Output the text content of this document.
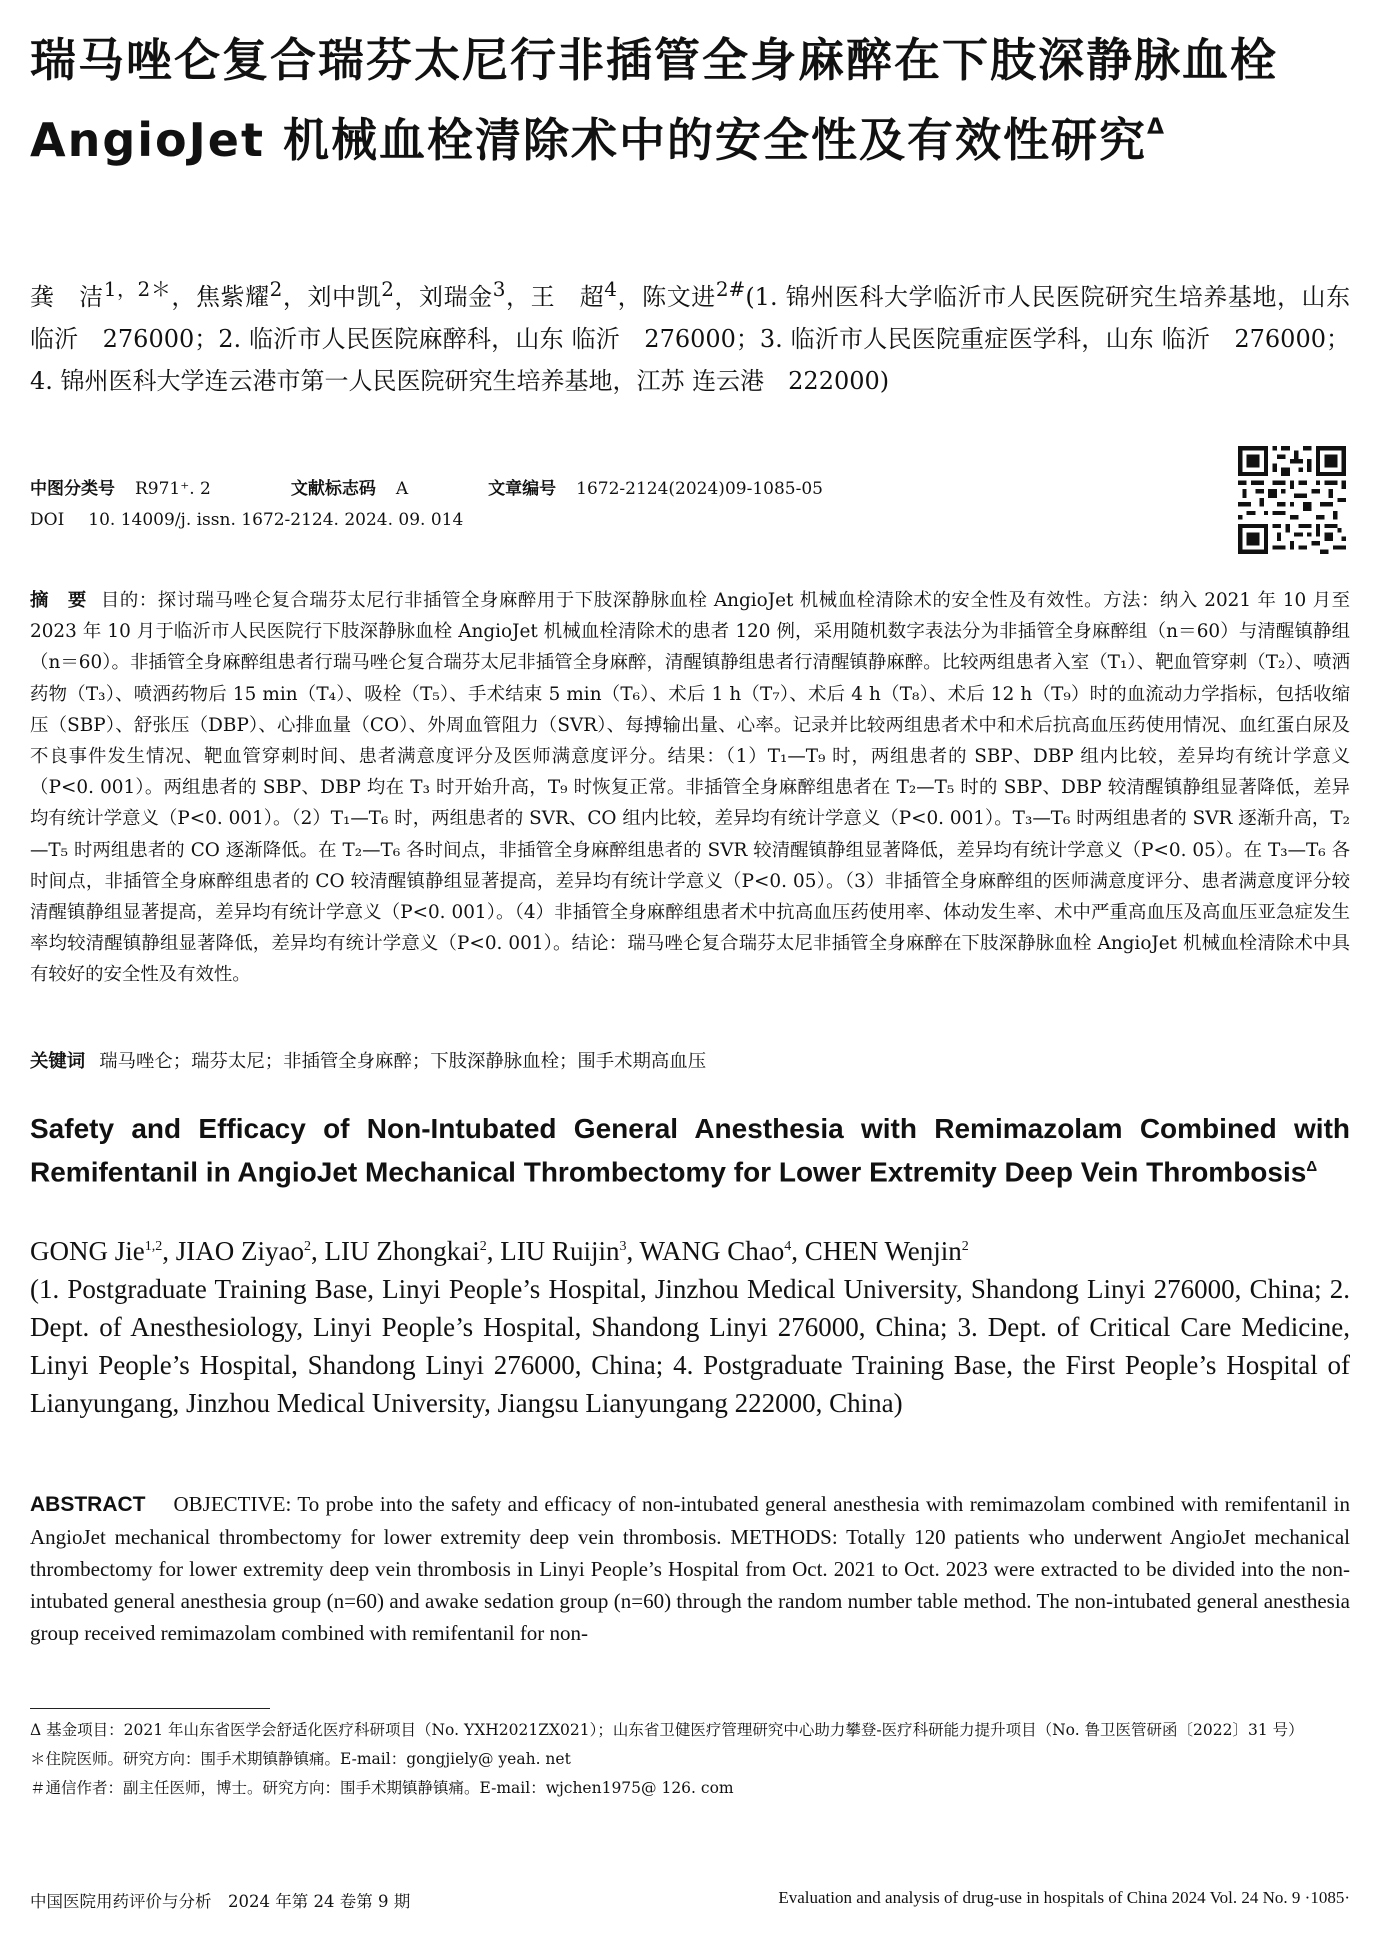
瑞马唑仑复合瑞芬太尼行非插管全身麻醉在下肢深静脉血栓 AngioJet 机械血栓清除术中的安全性及有效性研究$^\Delta$
龚　洁$^{1,2*}$，焦紫耀$^2$，刘中凯$^2$，刘瑞金$^3$，王　超$^4$，陈文进$^{2\#}$(1. 锦州医科大学临沂市人民医院研究生培养基地，山东 临沂　276000；2. 临沂市人民医院麻醉科，山东 临沂　276000；3. 临沂市人民医院重症医学科，山东 临沂　276000；4. 锦州医科大学连云港市第一人民医院研究生培养基地，江苏 连云港　222000)
中图分类号 R971⁺. 2	文献标志码 A	文章编号 1672-2124(2024)09-1085-05
DOI 10. 14009/j. issn. 1672-2124. 2024. 09. 014
摘　要 目的：探讨瑞马唑仑复合瑞芬太尼行非插管全身麻醉用于下肢深静脉血栓 AngioJet 机械血栓清除术的安全性及有效性。方法：纳入 2021 年 10 月至 2023 年 10 月于临沂市人民医院行下肢深静脉血栓 AngioJet 机械血栓清除术的患者 120 例，采用随机数字表法分为非插管全身麻醉组（n＝60）与清醒镇静组（n＝60）。非插管全身麻醉组患者行瑞马唑仑复合瑞芬太尼非插管全身麻醉，清醒镇静组患者行清醒镇静麻醉。比较两组患者入室（T₁）、靶血管穿刺（T₂）、喷洒药物（T₃）、喷洒药物后 15 min（T₄）、吸栓（T₅）、手术结束 5 min（T₆）、术后 1 h（T₇）、术后 4 h（T₈）、术后 12 h（T₉）时的血流动力学指标，包括收缩压（SBP）、舒张压（DBP）、心排血量（CO）、外周血管阻力（SVR）、每搏输出量、心率。记录并比较两组患者术中和术后抗高血压药使用情况、血红蛋白尿及不良事件发生情况、靶血管穿刺时间、患者满意度评分及医师满意度评分。结果：（1）T₁—T₉ 时，两组患者的 SBP、DBP 组内比较，差异均有统计学意义（P<0. 001）。两组患者的 SBP、DBP 均在 T₃ 时开始升高，T₉ 时恢复正常。非插管全身麻醉组患者在 T₂—T₅ 时的 SBP、DBP 较清醒镇静组显著降低，差异均有统计学意义（P<0. 001）。（2）T₁—T₆ 时，两组患者的 SVR、CO 组内比较，差异均有统计学意义（P<0. 001）。T₃—T₆ 时两组患者的 SVR 逐渐升高，T₂—T₅ 时两组患者的 CO 逐渐降低。在 T₂—T₆ 各时间点，非插管全身麻醉组患者的 SVR 较清醒镇静组显著降低，差异均有统计学意义（P<0. 05）。在 T₃—T₆ 各时间点，非插管全身麻醉组患者的 CO 较清醒镇静组显著提高，差异均有统计学意义（P<0. 05）。（3）非插管全身麻醉组的医师满意度评分、患者满意度评分较清醒镇静组显著提高，差异均有统计学意义（P<0. 001）。（4）非插管全身麻醉组患者术中抗高血压药使用率、体动发生率、术中严重高血压及高血压亚急症发生率均较清醒镇静组显著降低，差异均有统计学意义（P<0. 001）。结论：瑞马唑仑复合瑞芬太尼非插管全身麻醉在下肢深静脉血栓 AngioJet 机械血栓清除术中具有较好的安全性及有效性。
关键词 瑞马唑仑；瑞芬太尼；非插管全身麻醉；下肢深静脉血栓；围手术期高血压
Safety and Efficacy of Non-Intubated General Anesthesia with Remimazolam Combined with Remifentanil in AngioJet Mechanical Thrombectomy for Lower Extremity Deep Vein Thrombosis$^\Delta$
GONG Jie$^{1,2}$, JIAO Ziyao$^2$, LIU Zhongkai$^2$, LIU Ruijin$^3$, WANG Chao$^4$, CHEN Wenjin$^2$
(1. Postgraduate Training Base, Linyi People’s Hospital, Jinzhou Medical University, Shandong Linyi 276000, China; 2. Dept. of Anesthesiology, Linyi People’s Hospital, Shandong Linyi 276000, China; 3. Dept. of Critical Care Medicine, Linyi People’s Hospital, Shandong Linyi 276000, China; 4. Postgraduate Training Base, the First People’s Hospital of Lianyungang, Jinzhou Medical University, Jiangsu Lianyungang 222000, China)
ABSTRACT OBJECTIVE: To probe into the safety and efficacy of non-intubated general anesthesia with remimazolam combined with remifentanil in AngioJet mechanical thrombectomy for lower extremity deep vein thrombosis. METHODS: Totally 120 patients who underwent AngioJet mechanical thrombectomy for lower extremity deep vein thrombosis in Linyi People’s Hospital from Oct. 2021 to Oct. 2023 were extracted to be divided into the non-intubated general anesthesia group (n=60) and awake sedation group (n=60) through the random number table method. The non-intubated general anesthesia group received remimazolam combined with remifentanil for non-
Δ 基金项目：2021 年山东省医学会舒适化医疗科研项目（No. YXH2021ZX021）；山东省卫健医疗管理研究中心助力攀登-医疗科研能力提升项目（No. 鲁卫医管研函〔2022〕31 号）
＊住院医师。研究方向：围手术期镇静镇痛。E-mail：gongjiely@ yeah. net
＃通信作者：副主任医师，博士。研究方向：围手术期镇静镇痛。E-mail：wjchen1975@ 126. com
中国医院用药评价与分析　2024 年第 24 卷第 9 期	Evaluation and analysis of drug-use in hospitals of China 2024 Vol. 24 No. 9 ·1085·
